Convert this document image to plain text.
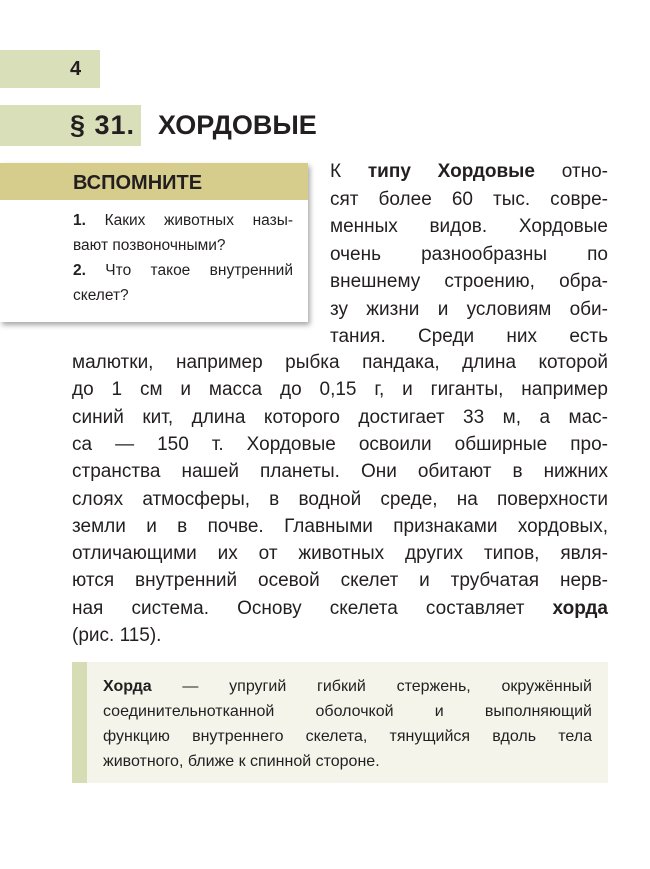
4
§ 31. ХОРДОВЫЕ
ВСПОМНИТЕ
1. Каких животных назы-
вают позвоночными?
2. Что такое внутренний
скелет?
К типу Хордовые отно-
сят более 60 тыс. совре-
менных видов. Хордовые
очень разнообразны по
внешнему строению, обра-
зу жизни и условиям оби-
тания. Среди них есть
малютки, например рыбка пандака, длина которой
до 1 см и масса до 0,15 г, и гиганты, например
синий кит, длина которого достигает 33 м, а мас-
са — 150 т. Хордовые освоили обширные про-
странства нашей планеты. Они обитают в нижних
слоях атмосферы, в водной среде, на поверхности
земли и в почве. Главными признаками хордовых,
отличающими их от животных других типов, явля-
ются внутренний осевой скелет и трубчатая нерв-
ная система. Основу скелета составляет хорда
(рис. 115).
Хорда — упругий гибкий стержень, окружённый
соединительнотканной оболочкой и выполняющий
функцию внутреннего скелета, тянущийся вдоль тела
животного, ближе к спинной стороне.
